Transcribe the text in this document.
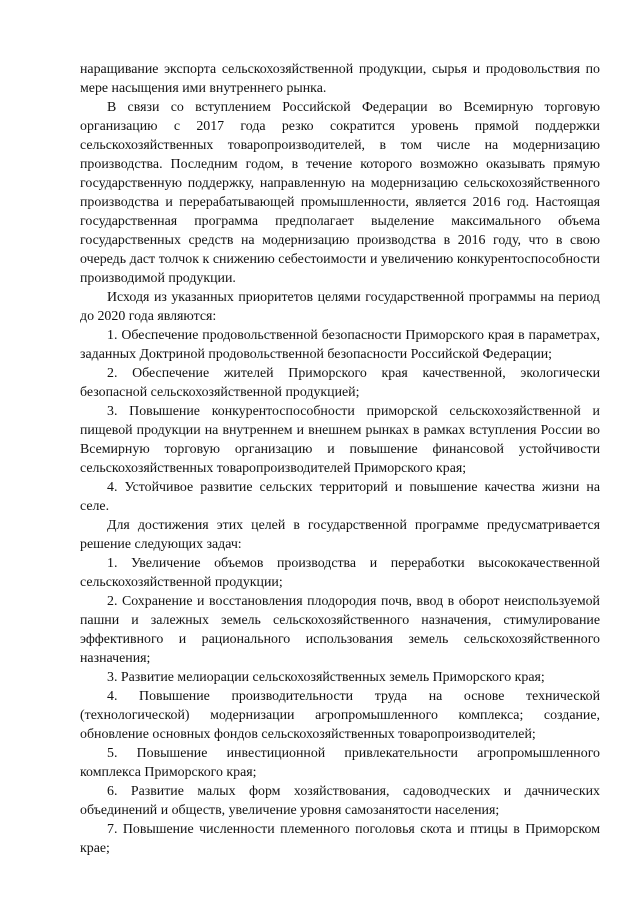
наращивание экспорта сельскохозяйственной продукции, сырья и продовольствия по мере насыщения ими внутреннего рынка.

В связи со вступлением Российской Федерации во Всемирную торговую организацию с 2017 года резко сократится уровень прямой поддержки сельскохозяйственных товаропроизводителей, в том числе на модернизацию производства. Последним годом, в течение которого возможно оказывать прямую государственную поддержку, направленную на модернизацию сельскохозяйственного производства и перерабатывающей промышленности, является 2016 год. Настоящая государственная программа предполагает выделение максимального объема государственных средств на модернизацию производства в 2016 году, что в свою очередь даст толчок к снижению себестоимости и увеличению конкурентоспособности производимой продукции.

Исходя из указанных приоритетов целями государственной программы на период до 2020 года являются:

1. Обеспечение продовольственной безопасности Приморского края в параметрах, заданных Доктриной продовольственной безопасности Российской Федерации;

2. Обеспечение жителей Приморского края качественной, экологически безопасной сельскохозяйственной продукцией;

3. Повышение конкурентоспособности приморской сельскохозяйственной и пищевой продукции на внутреннем и внешнем рынках в рамках вступления России во Всемирную торговую организацию и повышение финансовой устойчивости сельскохозяйственных товаропроизводителей Приморского края;

4. Устойчивое развитие сельских территорий и повышение качества жизни на селе.

Для достижения этих целей в государственной программе предусматривается решение следующих задач:

1. Увеличение объемов производства и переработки высококачественной сельскохозяйственной продукции;

2. Сохранение и восстановления плодородия почв, ввод в оборот неиспользуемой пашни и залежных земель сельскохозяйственного назначения, стимулирование эффективного и рационального использования земель сельскохозяйственного назначения;

3. Развитие мелиорации сельскохозяйственных земель Приморского края;

4. Повышение производительности труда на основе технической (технологической) модернизации агропромышленного комплекса; создание, обновление основных фондов сельскохозяйственных товаропроизводителей;

5. Повышение инвестиционной привлекательности агропромышленного комплекса Приморского края;

6. Развитие малых форм хозяйствования, садоводческих и дачнических объединений и обществ, увеличение уровня самозанятости населения;

7. Повышение численности племенного поголовья скота и птицы в Приморском крае;
